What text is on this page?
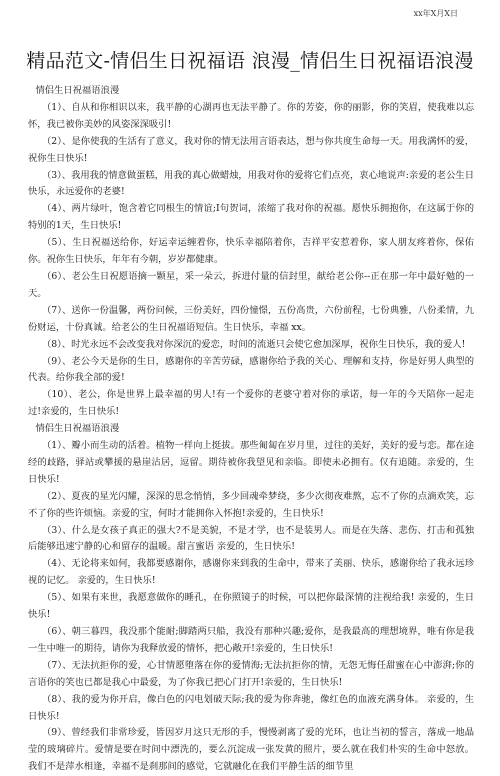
xx年X月X日
精品范文-情侣生日祝福语 浪漫_情侣生日祝福语浪漫

情侣生日祝福语浪漫

（1）、自从和你相识以来，我平静的心湖再也无法平静了。你的芳姿，你的丽影，你的笑眉，使我难以忘怀，我已被你美妙的风姿深深吸引!

（2）、是你使我的生活有了意义，我对你的情无法用言语表达，想与你共度生命每一天。用我满怀的爱，祝你生日快乐!

（3）、我用我的情意做蛋糕，用我的真心做蜡烛，用我对你的爱将它们点亮，衷心地说声:亲爱的老公生日快乐，永远爱你的老婆!

（4）、两片绿叶，饱含着它同根生的情谊;I句贺词，浓缩了我对你的祝福。愿快乐拥抱你，在这属于你的特别的1天，生日快乐!

（5）、生日祝福送给你，好运幸运缠着你，快乐幸福陪着你，吉祥平安惹着你，家人朋友疼着你，保佑你。祝你生日快乐，年年有今朝，岁岁都健康。

（6）、老公生日祝愿语摘一颗星，采一朵云，拆进付量的信封里，献给老公你--正在那一年中最好勉的一天。

（7）、送你一份温馨，两份问候，三份美好，四份憧憬，五份高贵，六份前程，七份典雅，八份柔情，九份财运，十份真诚。给老公的生日祝福语短信。生日快乐，幸福 xx。

（8）、时光永远不会改变我对你深沉的爱恋，时间的流逝只会使它愈加深厚，祝你生日快乐，我的爱人!

（9）、老公今天是你的生日，感谢你的辛苦劳碌，感谢你给予我的关心、理解和支持，你是好男人典型的代表。给你我全部的爱!

（10）、老公，你是世界上最幸福的男人!有一个爱你的老婆守着对你的承诺，每一年的今天陪你一起走过!亲爱的，生日快乐!

情侣生日祝福语浪漫

（1）、瓣小而生动的活着。植物一样向上挺拔。那些匍匐在岁月里，过往的美好，美好的爱与恋。都在途经的歧路，驿站或攀援的悬崖沾居，逗留。期待被你我望见和亲临。即使未必拥有。仅有追随。亲爱的，生日快乐!

（2）、夏夜的星光闪耀，深深的思念悄悄，多少回魂牵梦绕，多少次彻夜难熬，忘不了你的点滴欢笑，忘不了你的些许烦恼。亲爱的宝，何时才能拥你入怀抱!亲爱的，生日快乐!

（3）、什么是女孩子真正的强大?不是美貌，不是才学，也不是装男人。而是在失落、悲伤、打击和孤独后能够迅速宁静的心和留存的温暖。甜言蜜语 亲爱的，生日快乐!

（4）、无论将来如何，我都要感谢你，感谢你来到我的生命中，带来了美丽、快乐，感谢你给了我永远珍视的记忆。 亲爱的，生日快乐!

（5）、如果有来世，我愿意做你的睡孔，在你照镜子的时候，可以把你最深情的注视给我! 亲爱的，生日快乐!

（6）、朝三暮四，我没那个能耐;脚踏两只船，我没有那种兴趣;爱你，是我最高的理想境界，唯有你是我一生中唯一的期待，请你为我释放爱的情怀，把心敞开!亲爱的，生日快乐!

（7）、无法抗拒你的爱，心甘情愿堕落在你的爱情海;无法抗拒你的情，无怨无悔任甜蜜在心中澎湃;你的言语你的笑也已都是我心中最爱，为了你我已把心门打开!亲爱的，生日快乐!

（8）、我的爱为你开启，像白色的闪电划破天际;我的爱为你奔驰，像红色的血液充满身体。 亲爱的，生日快乐!

（9）、曾经我们非常珍爱，皆因岁月这只无形的手，慢慢剥离了爱的光环，也让当初的誓言，落成一地晶莹的玻璃碎片。爱情是要在时间中漂洗的，要么沉淀成一张发黄的照片，要么就在我们朴实的生命中怒放。我们不是萍水相逢，幸福不是刹那间的感觉，它就融化在我们平静生活的细节里
